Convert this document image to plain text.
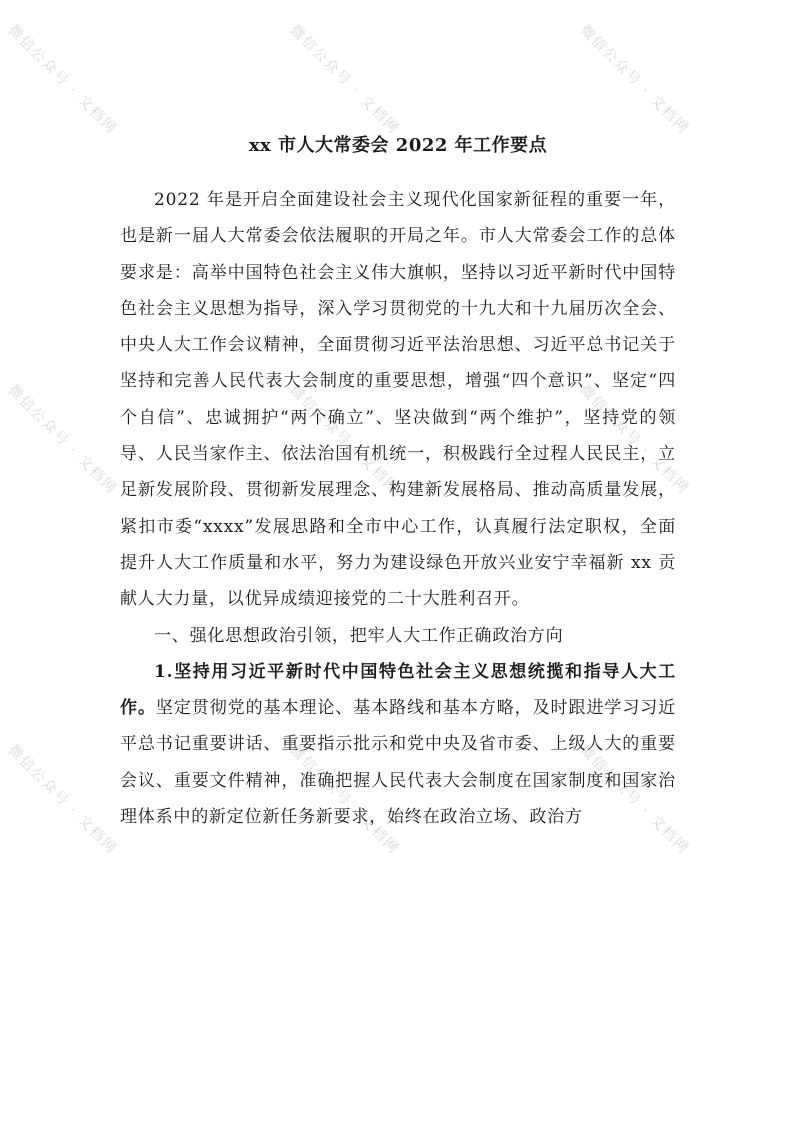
微信公众号 · 文档网	微信公众号 · 文档网	微信公众号 · 文档网
微信公众号 · 文档网	微信公众号 · 文档网	微信公众号 · 文档网
微信公众号 · 文档网	微信公众号 · 文档网	微信公众号 · 文档网
xx 市人大常委会 2022 年工作要点

2022 年是开启全面建设社会主义现代化国家新征程的重要一年，也是新一届人大常委会依法履职的开局之年。市人大常委会工作的总体要求是：高举中国特色社会主义伟大旗帜，坚持以习近平新时代中国特色社会主义思想为指导，深入学习贯彻党的十九大和十九届历次全会、中央人大工作会议精神，全面贯彻习近平法治思想、习近平总书记关于坚持和完善人民代表大会制度的重要思想，增强“四个意识”、坚定“四个自信”、忠诚拥护“两个确立”、坚决做到“两个维护”，坚持党的领导、人民当家作主、依法治国有机统一，积极践行全过程人民民主，立足新发展阶段、贯彻新发展理念、构建新发展格局、推动高质量发展，紧扣市委“xxxx”发展思路和全市中心工作，认真履行法定职权，全面提升人大工作质量和水平，努力为建设绿色开放兴业安宁幸福新 xx 贡献人大力量，以优异成绩迎接党的二十大胜利召开。

一、强化思想政治引领，把牢人大工作正确政治方向

1.坚持用习近平新时代中国特色社会主义思想统揽和指导人大工作。坚定贯彻党的基本理论、基本路线和基本方略，及时跟进学习习近平总书记重要讲话、重要指示批示和党中央及省市委、上级人大的重要会议、重要文件精神，准确把握人民代表大会制度在国家制度和国家治理体系中的新定位新任务新要求，始终在政治立场、政治方
